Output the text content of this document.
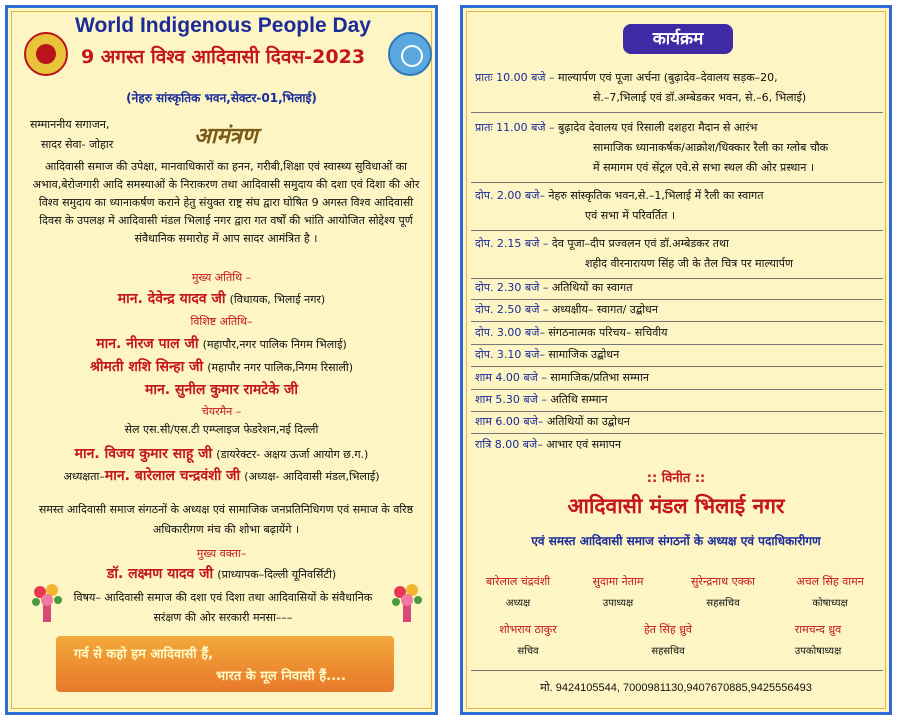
World Indigenous People Day
9 अगस्त विश्व आदिवासी दिवस-2023
(नेहरु सांस्कृतिक भवन,सेक्टर-01,भिलाई)
सम्माननीय सगाजन,	आमंत्रण
सादर सेवा- जोहार
आदिवासी समाज की उपेक्षा, मानवाधिकारों का हनन, गरीबी,शिक्षा एवं स्वास्थ्य सुविधाओं का अभाव,बेरोजगारी आदि समस्याओं के निराकरण तथा आदिवासी समुदाय की दशा एवं दिशा की ओर विश्व समुदाय का ध्यानाकर्षण कराने हेतु संयुक्त राष्ट्र संघ द्वारा घोषित 9 अगस्त विश्व आदिवासी दिवस के उपलक्ष में आदिवासी मंडल भिलाई नगर द्वारा गत वर्षों की भांति आयोजित सोद्देश्य पूर्ण संवैधानिक समारोह में आप सादर आमंत्रित है ।
मुख्य अतिथि –
मान. देवेन्द्र यादव जी (विधायक, भिलाई नगर)
विशिष्ट अतिथि–
मान. नीरज पाल जी (महापौर,नगर पालिक निगम भिलाई)
श्रीमती शशि सिन्हा जी (महापौर नगर पालिक,निगम रिसाली)
मान. सुनील कुमार रामटेके जी
चेयरमैन –
सेल एस.सी/एस.टी एम्प्लाइज फेडरेशन,नई दिल्ली
मान. विजय कुमार साहू जी (डायरेक्टर- अक्षय ऊर्जा आयोग छ.ग.)
अध्यक्षता–मान. बारेलाल चन्द्रवंशी जी (अध्यक्ष- आदिवासी मंडल,भिलाई)
समस्त आदिवासी समाज संगठनों के अध्यक्ष एवं सामाजिक जनप्रतिनिधिगण एवं समाज के वरिष्ठ अधिकारीगण मंच की शोभा बढ़ायेंगे ।
मुख्य वक्ता–
डॉ. लक्ष्मण यादव जी (प्राध्यापक–दिल्ली यूनिवर्सिटी)
विषय– आदिवासी समाज की दशा एवं दिशा तथा आदिवासियों के संवैधानिक सरंक्षण की ओर सरकारी मनसा–––
गर्व से कहो हम आदिवासी हैं,
भारत के मूल निवासी हैं....
कार्यक्रम
प्रातः 10.00 बजे – माल्यार्पण एवं पूजा अर्चना (बुढ़ादेव–देवालय सड़क–20,
से.–7,भिलाई एवं डॉ.अम्बेडकर भवन, से.–6, भिलाई)
प्रातः 11.00 बजे – बुढ़ादेव देवालय एवं रिसाली दशहरा मैदान से आरंभ
सामाजिक ध्यानाकर्षक/आक्रोश/धिक्कार रैली का ग्लोब चौक
में समागम एवं सेंट्रल एवे.से सभा स्थल की ओर प्रस्थान ।
दोप. 2.00 बजे– नेहरु सांस्कृतिक भवन,से.–1,भिलाई में रैली का स्वागत
एवं सभा में परिवर्तित ।
दोप. 2.15 बजे – देव पूजा–दीप प्रज्वलन एवं डॉ.अम्बेडकर तथा
शहीद वीरनारायण सिंह जी के तैल चित्र पर माल्यार्पण
दोप. 2.30 बजे – अतिथियों का स्वागत
दोप. 2.50 बजे – अध्यक्षीय– स्वागत/ उद्बोधन
दोप. 3.00 बजे– संगठनात्मक परिचय– सचिवीय
दोप. 3.10 बजे– सामाजिक उद्बोधन
शाम 4.00 बजे – सामाजिक/प्रतिभा सम्मान
शाम 5.30 बजे – अतिथि सम्मान
शाम 6.00 बजे– अतिथियों का उद्बोधन
रात्रि 8.00 बजे– आभार एवं समापन
:: विनीत ::
आदिवासी मंडल भिलाई नगर
एवं समस्त आदिवासी समाज संगठनों के अध्यक्ष एवं पदाधिकारीगण
बारेलाल चंद्रवंशी
अध्यक्ष
सुदामा नेताम
उपाध्यक्ष
सुरेन्द्रनाथ एक्का
सहसचिव
अचल सिंह वामन
कोषाध्यक्ष
शोभराय ठाकुर
सचिव
हेत सिंह ध्रुवे
सहसचिव
रामचन्द ध्रुव
उपकोषाध्यक्ष
मो. 9424105544, 7000981130,9407670885,9425556493
